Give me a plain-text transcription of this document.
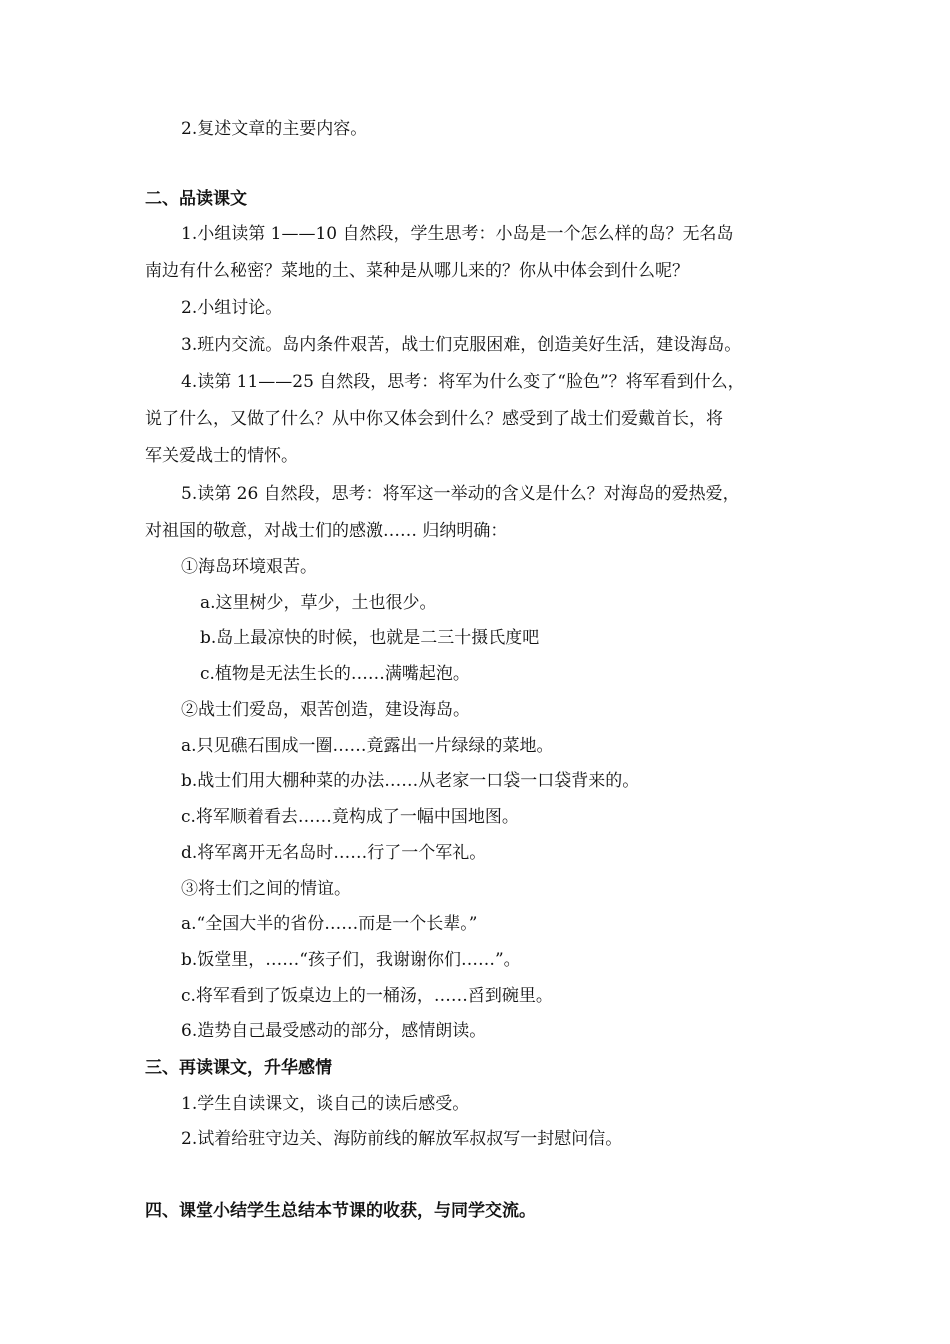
2.复述文章的主要内容。

二、品读课文

1.小组读第 1——10 自然段，学生思考：小岛是一个怎么样的岛？无名岛

南边有什么秘密？菜地的土、菜种是从哪儿来的？你从中体会到什么呢？

2.小组讨论。

3.班内交流。岛内条件艰苦，战士们克服困难，创造美好生活，建设海岛。

4.读第 11——25 自然段，思考：将军为什么变了“脸色”？将军看到什么，

说了什么，又做了什么？从中你又体会到什么？感受到了战士们爱戴首长，将

军关爱战士的情怀。

5.读第 26 自然段，思考：将军这一举动的含义是什么？对海岛的爱热爱，

对祖国的敬意，对战士们的感激…… 归纳明确：

①海岛环境艰苦。

a.这里树少，草少，土也很少。

b.岛上最凉快的时候，也就是二三十摄氏度吧

c.植物是无法生长的……满嘴起泡。

②战士们爱岛，艰苦创造，建设海岛。

a.只见礁石围成一圈……竟露出一片绿绿的菜地。

b.战士们用大棚种菜的办法……从老家一口袋一口袋背来的。

c.将军顺着看去……竟构成了一幅中国地图。

d.将军离开无名岛时……行了一个军礼。

③将士们之间的情谊。

a.“全国大半的省份……而是一个长辈。”

b.饭堂里，……“孩子们，我谢谢你们……”。

c.将军看到了饭桌边上的一桶汤，……舀到碗里。

6.造势自己最受感动的部分，感情朗读。

三、再读课文，升华感情

1.学生自读课文，谈自己的读后感受。

2.试着给驻守边关、海防前线的解放军叔叔写一封慰问信。

四、课堂小结学生总结本节课的收获，与同学交流。
